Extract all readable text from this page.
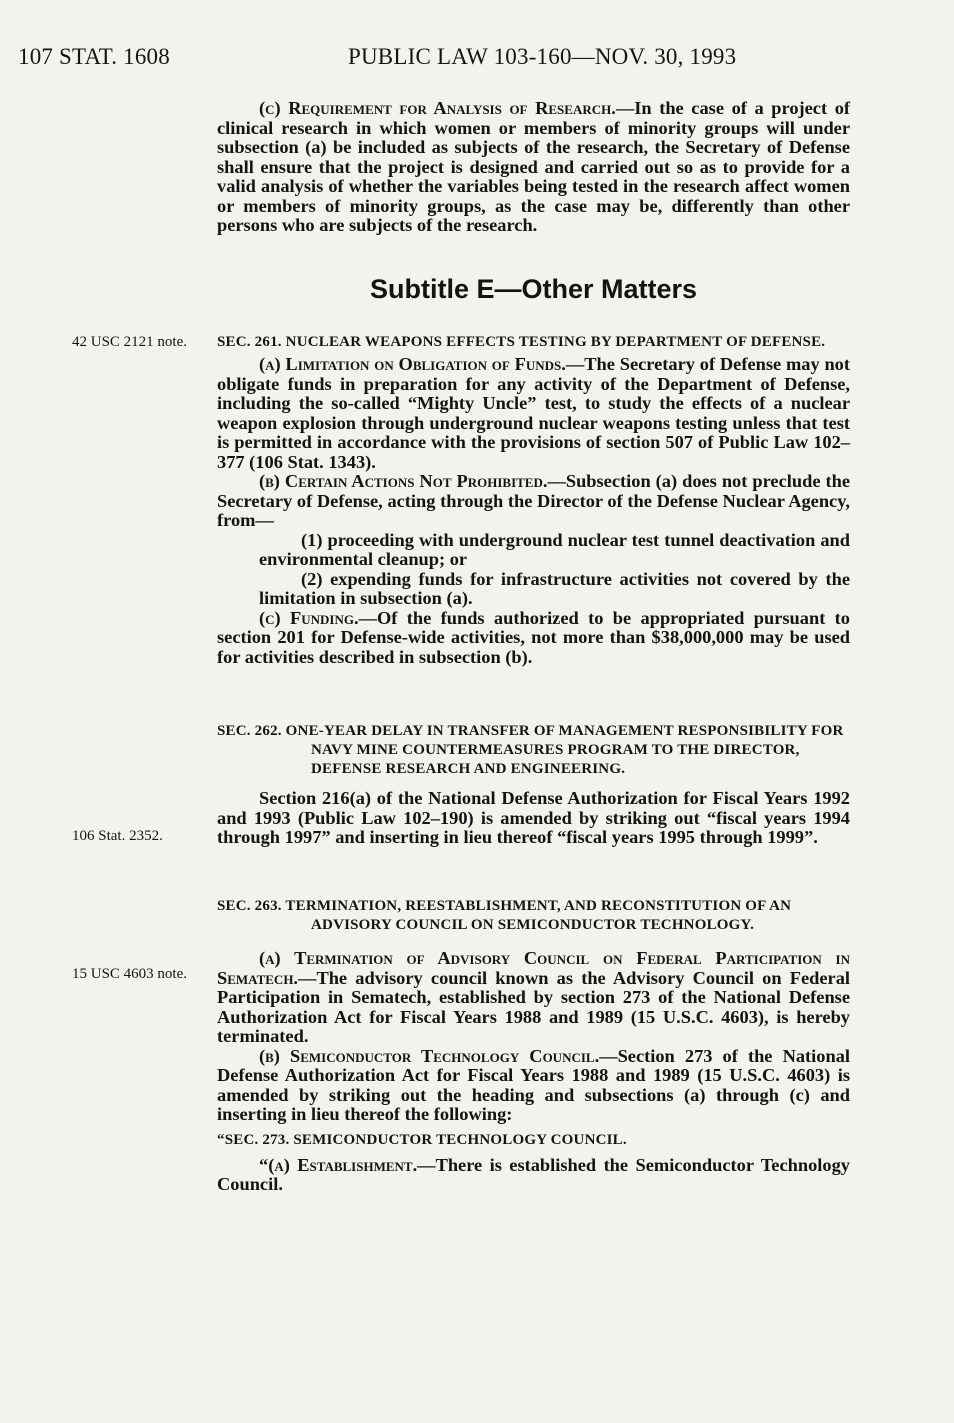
107 STAT. 1608	PUBLIC LAW 103-160—NOV. 30, 1993

(c) Requirement for Analysis of Research.—In the case of a project of clinical research in which women or members of minority groups will under subsection (a) be included as subjects of the research, the Secretary of Defense shall ensure that the project is designed and carried out so as to provide for a valid analysis of whether the variables being tested in the research affect women or members of minority groups, as the case may be, differently than other persons who are subjects of the research.

Subtitle E—Other Matters
42 USC 2121 note.	SEC. 261. NUCLEAR WEAPONS EFFECTS TESTING BY DEPARTMENT OF DEFENSE.

(a) Limitation on Obligation of Funds.—The Secretary of Defense may not obligate funds in preparation for any activity of the Department of Defense, including the so-called “Mighty Uncle” test, to study the effects of a nuclear weapon explosion through underground nuclear weapons testing unless that test is permitted in accordance with the provisions of section 507 of Public Law 102–377 (106 Stat. 1343).

(b) Certain Actions Not Prohibited.—Subsection (a) does not preclude the Secretary of Defense, acting through the Director of the Defense Nuclear Agency, from—

(1) proceeding with underground nuclear test tunnel deactivation and environmental cleanup; or

(2) expending funds for infrastructure activities not covered by the limitation in subsection (a).

(c) Funding.—Of the funds authorized to be appropriated pursuant to section 201 for Defense-wide activities, not more than $38,000,000 may be used for activities described in subsection (b).

SEC. 262. ONE-YEAR DELAY IN TRANSFER OF MANAGEMENT RESPONSIBILITY FOR NAVY MINE COUNTERMEASURES PROGRAM TO THE DIRECTOR, DEFENSE RESEARCH AND ENGINEERING.

Section 216(a) of the National Defense Authorization for Fiscal Years 1992 and 1993 (Public Law 102–190) is amended by striking out “fiscal years 1994 through 1997” and inserting in lieu thereof “fiscal years 1995 through 1999”.

106 Stat. 2352.

SEC. 263. TERMINATION, REESTABLISHMENT, AND RECONSTITUTION OF AN ADVISORY COUNCIL ON SEMICONDUCTOR TECHNOLOGY.

(a) Termination of Advisory Council on Federal Participation in Sematech.—The advisory council known as the Advisory Council on Federal Participation in Sematech, established by section 273 of the National Defense Authorization Act for Fiscal Years 1988 and 1989 (15 U.S.C. 4603), is hereby terminated.

(b) Semiconductor Technology Council.—Section 273 of the National Defense Authorization Act for Fiscal Years 1988 and 1989 (15 U.S.C. 4603) is amended by striking out the heading and subsections (a) through (c) and inserting in lieu thereof the following:

“SEC. 273. SEMICONDUCTOR TECHNOLOGY COUNCIL.

“(a) Establishment.—There is established the Semiconductor Technology Council.

15 USC 4603 note.
